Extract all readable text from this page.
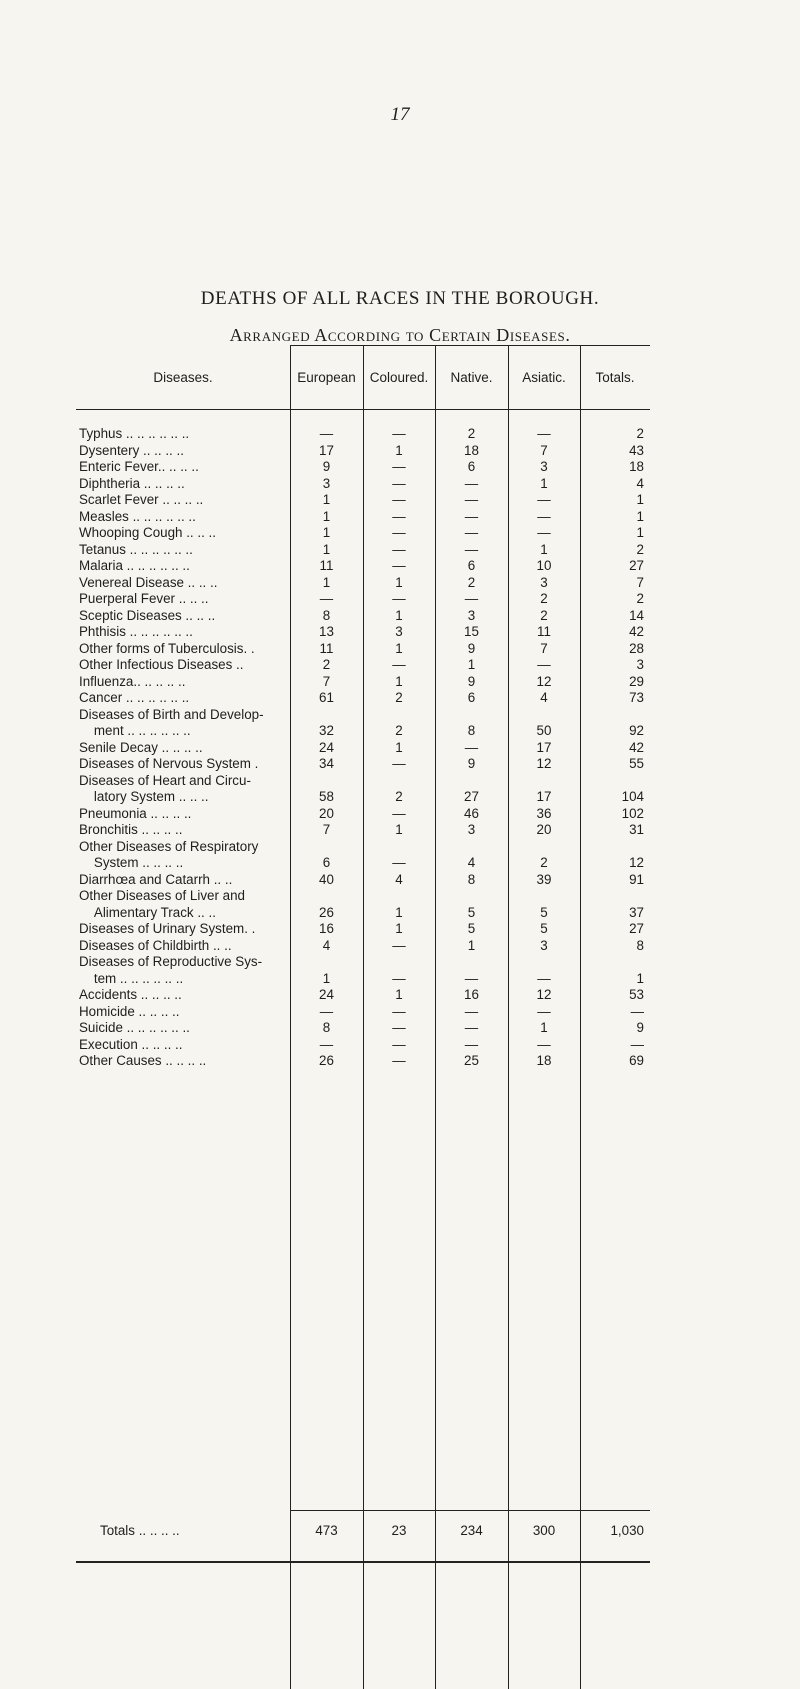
17
DEATHS OF ALL RACES IN THE BOROUGH.
Arranged According to Certain Diseases.
Diseases.	European	Coloured.	Native.	Asiatic.	Totals.
Typhus .. .. .. .. .. ..	—	—	2	—	2
Dysentery .. .. .. ..	17	1	18	7	43
Enteric Fever.. .. .. ..	9	—	6	3	18
Diphtheria .. .. .. ..	3	—	—	1	4
Scarlet Fever .. .. .. ..	1	—	—	—	1
Measles .. .. .. .. .. ..	1	—	—	—	1
Whooping Cough .. .. ..	1	—	—	—	1
Tetanus .. .. .. .. .. ..	1	—	—	1	2
Malaria .. .. .. .. .. ..	11	—	6	10	27
Venereal Disease .. .. ..	1	1	2	3	7
Puerperal Fever .. .. ..	—	—	—	2	2
Sceptic Diseases .. .. ..	8	1	3	2	14
Phthisis .. .. .. .. .. ..	13	3	15	11	42
Other forms of Tuberculosis. .	11	1	9	7	28
Other Infectious Diseases ..	2	—	1	—	3
Influenza.. .. .. .. ..	7	1	9	12	29
Cancer .. .. .. .. .. ..	61	2	6	4	73
Diseases of Birth and Develop-
ment .. .. .. .. .. ..	32	2	8	50	92
Senile Decay .. .. .. ..	24	1	—	17	42
Diseases of Nervous System .	34	—	9	12	55
Diseases of Heart and Circu-
latory System .. .. ..	58	2	27	17	104
Pneumonia .. .. .. ..	20	—	46	36	102
Bronchitis .. .. .. ..	7	1	3	20	31
Other Diseases of Respiratory
System .. .. .. ..	6	—	4	2	12
Diarrhœa and Catarrh .. ..	40	4	8	39	91
Other Diseases of Liver and
Alimentary Track .. ..	26	1	5	5	37
Diseases of Urinary System. .	16	1	5	5	27
Diseases of Childbirth .. ..	4	—	1	3	8
Diseases of Reproductive Sys-
tem .. .. .. .. .. ..	1	—	—	—	1
Accidents .. .. .. ..	24	1	16	12	53
Homicide .. .. .. ..	—	—	—	—	—
Suicide .. .. .. .. .. ..	8	—	—	1	9
Execution .. .. .. ..	—	—	—	—	—
Other Causes .. .. .. ..	26	—	25	18	69
Totals .. .. .. ..	473	23	234	300	1,030
